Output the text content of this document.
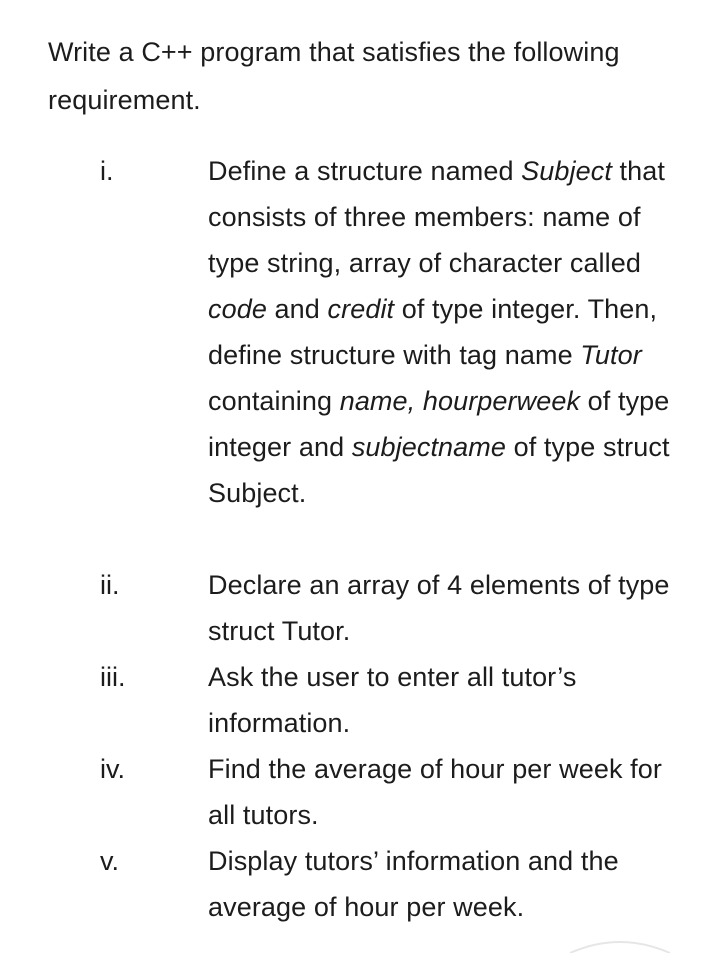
Write a C++ program that satisfies the following requirement.
i.	Define a structure named Subject that consists of three members: name of type string, array of character called code and credit of type integer. Then, define structure with tag name Tutor containing name, hourperweek of type integer and subjectname of type struct Subject.
ii.	Declare an array of 4 elements of type struct Tutor.
iii.	Ask the user to enter all tutor’s information.
iv.	Find the average of hour per week for all tutors.
v.	Display tutors’ information and the average of hour per week.
